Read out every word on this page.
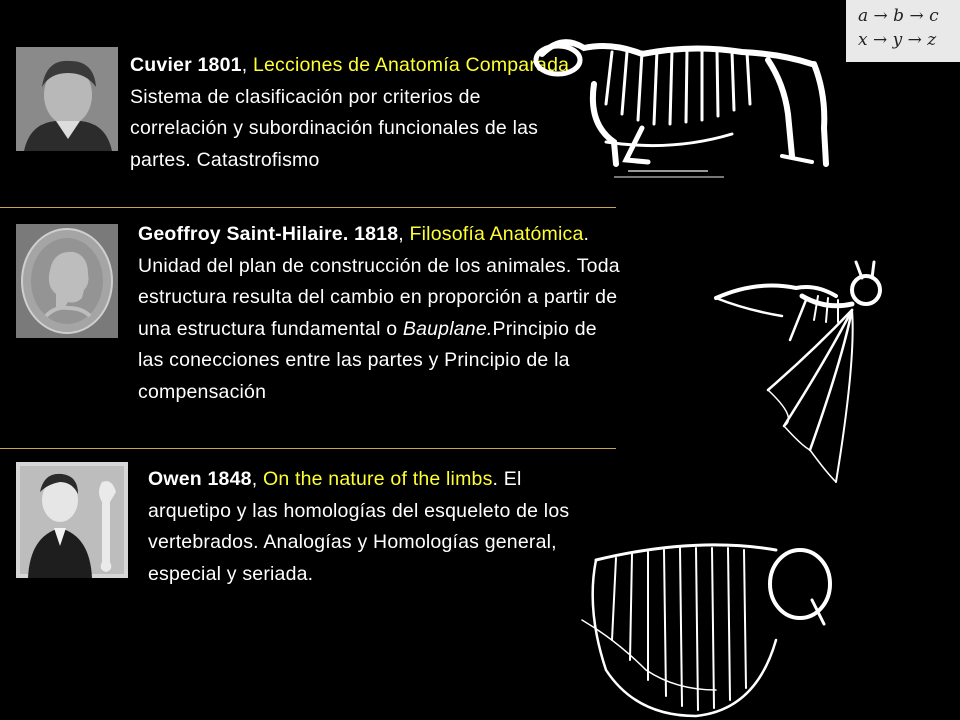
a → b → c
x → y → z
Cuvier 1801, Lecciones de Anatomía Comparada. Sistema de clasificación por criterios de correlación y subordinación funcionales de las partes. Catastrofismo
Geoffroy Saint-Hilaire. 1818, Filosofía Anatómica. Unidad del plan de construcción de los animales. Toda estructura resulta del cambio en proporción a partir de una estructura fundamental o Bauplane.Principio de las conecciones entre las partes y Principio de la compensación
Owen 1848, On the nature of the limbs. El arquetipo y las homologías del esqueleto de los vertebrados. Analogías y Homologías general, especial y seriada.
